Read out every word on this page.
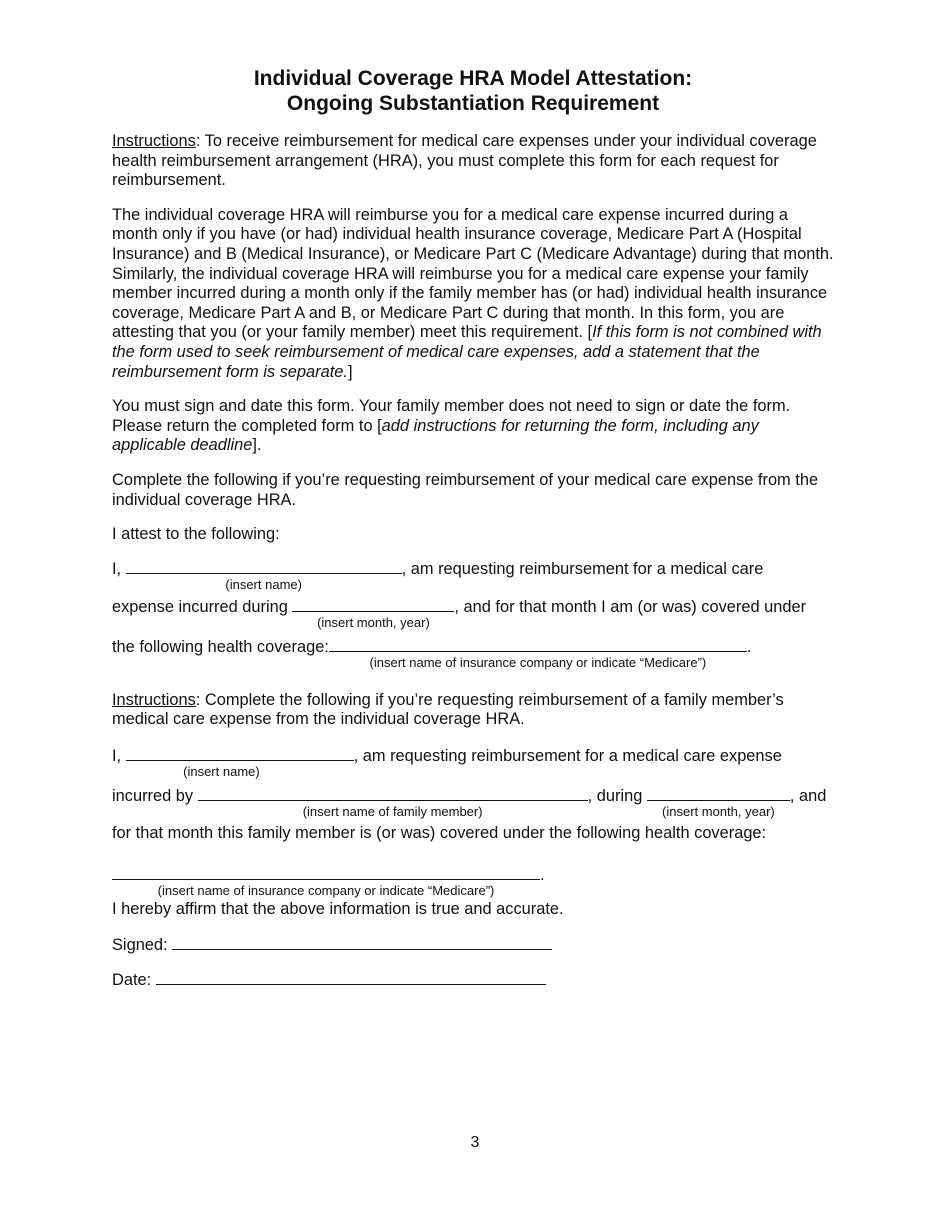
Individual Coverage HRA Model Attestation:
Ongoing Substantiation Requirement

Instructions: To receive reimbursement for medical care expenses under your individual coverage health reimbursement arrangement (HRA), you must complete this form for each request for reimbursement.

The individual coverage HRA will reimburse you for a medical care expense incurred during a month only if you have (or had) individual health insurance coverage, Medicare Part A (Hospital Insurance) and B (Medical Insurance), or Medicare Part C (Medicare Advantage) during that month. Similarly, the individual coverage HRA will reimburse you for a medical care expense your family member incurred during a month only if the family member has (or had) individual health insurance coverage, Medicare Part A and B, or Medicare Part C during that month. In this form, you are attesting that you (or your family member) meet this requirement. [If this form is not combined with the form used to seek reimbursement of medical care expenses, add a statement that the reimbursement form is separate.]

You must sign and date this form. Your family member does not need to sign or date the form. Please return the completed form to [add instructions for returning the form, including any applicable deadline].

Complete the following if you’re requesting reimbursement of your medical care expense from the individual coverage HRA.

I attest to the following:

I,
(insert name)
, am requesting reimbursement for a medical care
expense incurred during
(insert month, year)
, and for that month I am (or was) covered under
the following health coverage:
(insert name of insurance company or indicate “Medicare”)
.

Instructions: Complete the following if you’re requesting reimbursement of a family member’s medical care expense from the individual coverage HRA.

I,
(insert name)
, am requesting reimbursement for a medical care expense
incurred by
(insert name of family member)
, during
(insert month, year)
, and
for that month this family member is (or was) covered under the following health coverage:
(insert name of insurance company or indicate “Medicare”)
.

I hereby affirm that the above information is true and accurate.

Signed:
Date:
3
